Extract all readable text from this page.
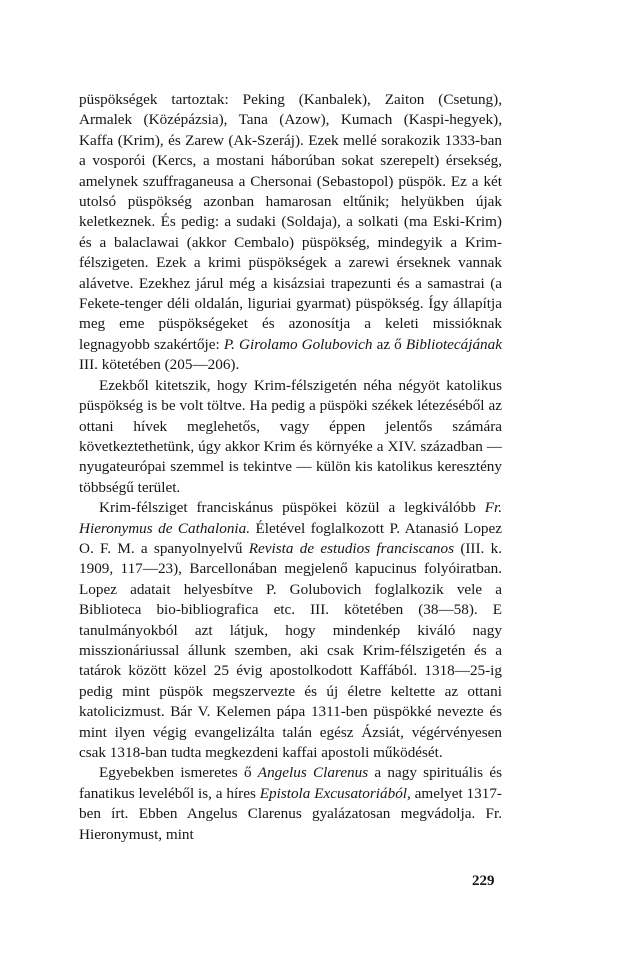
püspökségek tartoztak: Peking (Kanbalek), Zaiton (Csetung), Armalek (Középázsia), Tana (Azow), Kumach (Kaspi-hegyek), Kaffa (Krim), és Zarew (Ak-Szeráj). Ezek mellé sorakozik 1333-ban a vosporói (Kercs, a mostani háborúban sokat szerepelt) érsekség, amelynek szuffraganeusa a Chersonai (Sebastopol) püspök. Ez a két utolsó püspökség azonban hamarosan eltűnik; helyükben újak keletkeznek. És pedig: a sudaki (Soldaja), a solkati (ma Eski-Krim) és a balaclawai (akkor Cembalo) püspökség, mindegyik a Krim-félszigeten. Ezek a krimi püspökségek a zarewi érseknek vannak alávetve. Ezekhez járul még a kisázsiai trapezunti és a samastrai (a Fekete-tenger déli oldalán, liguriai gyarmat) püspökség. Így állapítja meg eme püspökségeket és azonosítja a keleti missióknak legnagyobb szakértője: P. Girolamo Golubovich az ő Bibliotecájának III. kötetében (205—206).

Ezekből kitetszik, hogy Krim-félszigetén néha négyöt katolikus püspökség is be volt töltve. Ha pedig a püspöki székek létezéséből az ottani hívek meglehetős, vagy éppen jelentős számára következtethetünk, úgy akkor Krim és környéke a XIV. században — nyugateurópai szemmel is tekintve — külön kis katolikus keresztény többségű terület.

Krim-félsziget franciskánus püspökei közül a legkiválóbb Fr. Hieronymus de Cathalonia. Életével foglalkozott P. Atanasió Lopez O. F. M. a spanyolnyelvű Revista de estudios franciscanos (III. k. 1909, 117—23), Barcellonában megjelenő kapucinus folyóiratban. Lopez adatait helyesbítve P. Golubovich foglalkozik vele a Biblioteca bio-bibliografica etc. III. kötetében (38—58). E tanulmányokból azt látjuk, hogy mindenkép kiváló nagy misszionáriussal állunk szemben, aki csak Krim-félszigetén és a tatárok között közel 25 évig apostolkodott Kaffából. 1318—25-ig pedig mint püspök megszervezte és új életre keltette az ottani katolicizmust. Bár V. Kelemen pápa 1311-ben püspökké nevezte és mint ilyen végig evangelizálta talán egész Ázsiát, végérvényesen csak 1318-ban tudta megkezdeni kaffai apostoli működését.

Egyebekben ismeretes ő Angelus Clarenus a nagy spirituális és fanatikus leveléből is, a híres Epistola Excusatoriából, amelyet 1317-ben írt. Ebben Angelus Clarenus gyalázatosan megvádolja. Fr. Hieronymust, mint

229
